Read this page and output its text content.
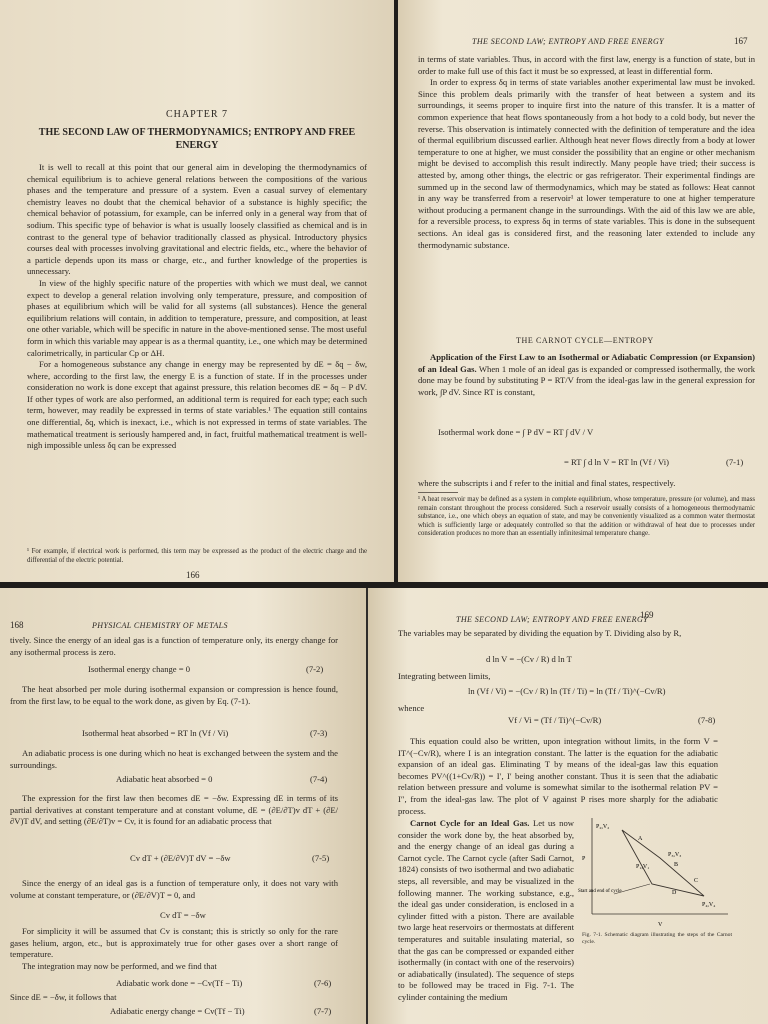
CHAPTER 7
THE SECOND LAW OF THERMODYNAMICS; ENTROPY AND FREE ENERGY

It is well to recall at this point that our general aim in developing the thermodynamics of chemical equilibrium is to achieve general relations between the compositions of the various phases and the temperature and pressure of a system. Even a casual survey of elementary chemistry leaves no doubt that the chemical behavior of a substance is highly specific; the chemical behavior of potassium, for example, can be inferred only in a general way from that of sodium. This specific type of behavior is what is usually loosely classified as chemical and is in contrast to the general type of behavior traditionally classed as physical. Introductory physics courses deal with processes involving gravitational and electric fields, etc., where the behavior of a particle depends upon its mass or charge, etc., and further knowledge of the properties is unnecessary.

In view of the highly specific nature of the properties with which we must deal, we cannot expect to develop a general relation involving only temperature, pressure, and composition of phases at equilibrium which will be valid for all systems (all substances). Hence the general equilibrium relations will contain, in addition to temperature, pressure, and composition, at least one other variable, which will be specific in nature in the above-mentioned sense. The most useful form in which this variable may appear is as a thermal quantity, i.e., one which may be determined calorimetrically, in particular Cp or ΔH.

For a homogeneous substance any change in energy may be represented by dE = δq − δw, where, according to the first law, the energy E is a function of state. If in the processes under consideration no work is done except that against pressure, this relation becomes dE = δq − P dV. If other types of work are also performed, an additional term is required for each type; each such term, however, may readily be expressed in terms of state variables.¹ The equation still contains one differential, δq, which is inexact, i.e., which is not expressed in terms of state variables. The mathematical treatment is seriously hampered and, in fact, fruitful mathematical treatment is well-nigh impossible unless δq can be expressed

¹ For example, if electrical work is performed, this term may be expressed as the product of the electric charge and the differential of the electric potential.
166
THE SECOND LAW; ENTROPY AND FREE ENERGY	167

in terms of state variables. Thus, in accord with the first law, energy is a function of state, but in order to make full use of this fact it must be so expressed, at least in differential form.

In order to express δq in terms of state variables another experimental law must be invoked. Since this problem deals primarily with the transfer of heat between a system and its surroundings, it seems proper to inquire first into the nature of this transfer. It is a matter of common experience that heat flows spontaneously from a hot body to a cold body, but never the reverse. This observation is intimately connected with the definition of temperature and the idea of thermal equilibrium discussed earlier. Although heat never flows directly from a body at lower temperature to one at higher, we must consider the possibility that an engine or other mechanism might be devised to accomplish this result indirectly. Many people have tried; their success is attested by, among other things, the electric or gas refrigerator. Their experimental findings are summed up in the second law of thermodynamics, which may be stated as follows: Heat cannot in any way be transferred from a reservoir¹ at lower temperature to one at higher temperature without producing a permanent change in the surroundings. With the aid of this law we are able, for a reversible process, to express δq in terms of state variables. This is done in the subsequent sections. An ideal gas is considered first, and the reasoning later extended to include any thermodynamic substance.

THE CARNOT CYCLE—ENTROPY

Application of the First Law to an Isothermal or Adiabatic Compression (or Expansion) of an Ideal Gas. When 1 mole of an ideal gas is expanded or compressed isothermally, the work done may be found by substituting P = RT/V from the ideal-gas law in the general expression for work, ∫P dV. Since RT is constant,

Isothermal work done = ∫ P dV = RT ∫ dV / V
= RT ∫ d ln V = RT ln (Vf / Vi)	(7-1)

where the subscripts i and f refer to the initial and final states, respectively.

¹ A heat reservoir may be defined as a system in complete equilibrium, whose temperature, pressure (or volume), and mass remain constant throughout the process considered. Such a reservoir usually consists of a homogeneous thermodynamic substance, i.e., one which obeys an equation of state, and may be conveniently visualized as a common water thermostat which is sufficiently large or adequately controlled so that the addition or withdrawal of heat due to processes under consideration produces no more than an essentially infinitesimal temperature change.
168	PHYSICAL CHEMISTRY OF METALS

tively. Since the energy of an ideal gas is a function of temperature only, its energy change for any isothermal process is zero.

Isothermal energy change = 0	(7-2)

The heat absorbed per mole during isothermal expansion or compression is hence found, from the first law, to be equal to the work done, as given by Eq. (7-1).

Isothermal heat absorbed = RT ln (Vf / Vi)	(7-3)

An adiabatic process is one during which no heat is exchanged between the system and the surroundings.

Adiabatic heat absorbed = 0	(7-4)

The expression for the first law then becomes dE = −δw. Expressing dE in terms of its partial derivatives at constant temperature and at constant volume, dE = (∂E/∂T)v dT + (∂E/∂V)T dV, and setting (∂E/∂T)v = Cv, it is found for an adiabatic process that

Cv dT + (∂E/∂V)T dV = −δw	(7-5)

Since the energy of an ideal gas is a function of temperature only, it does not vary with volume at constant temperature, or (∂E/∂V)T = 0, and

Cv dT = −δw

For simplicity it will be assumed that Cv is constant; this is strictly so only for the rare gases helium, argon, etc., but is approximately true for other gases over a short range of temperature.

The integration may now be performed, and we find that

Adiabatic work done = −Cv(Tf − Ti)	(7-6)

Since dE = −δw, it follows that

Adiabatic energy change = Cv(Tf − Ti)	(7-7)
THE SECOND LAW; ENTROPY AND FREE ENERGY
169

The variables may be separated by dividing the equation by T. Dividing also by R,

d ln V = −(Cv / R) d ln T

Integrating between limits,

ln (Vf / Vi) = −(Cv / R) ln (Tf / Ti) = ln (Tf / Ti)^(−Cv/R)

whence

Vf / Vi = (Tf / Ti)^(−Cv/R)	(7-8)

This equation could also be written, upon integration without limits, in the form V = IT^(−Cv/R), where I is an integration constant. The latter is the equation for the adiabatic expansion of an ideal gas. Eliminating T by means of the ideal-gas law this equation becomes PV^((1+Cv/R)) = I′, I′ being another constant. Thus it is seen that the adiabatic relation between pressure and volume is somewhat similar to the isothermal relation PV = I″, from the ideal-gas law. The plot of V against P rises more sharply for the adiabatic process.

Carnot Cycle for an Ideal Gas. Let us now consider the work done by, the heat absorbed by, and the energy change of an ideal gas during a Carnot cycle. The Carnot cycle (after Sadi Carnot, 1824) consists of two isothermal and two adiabatic steps, all reversible, and may be visualized in the following manner. The working substance, e.g., the ideal gas under consideration, is enclosed in a cylinder fitted with a piston. There are available two large heat reservoirs or thermostats at different temperatures and suitable insulating material, so that the gas can be compressed or expanded either isothermally (in contact with one of the reservoirs) or adiabatically (insulated). The sequence of steps to be followed may be traced in Fig. 7-1. The cylinder containing the medium

P₂,V₂
A
B
P₃,V₃
P₁,V₁
C
D
P₄,V₄
Start and end of cycle
P
V
Fig. 7-1. Schematic diagram illustrating the steps of the Carnot cycle.
